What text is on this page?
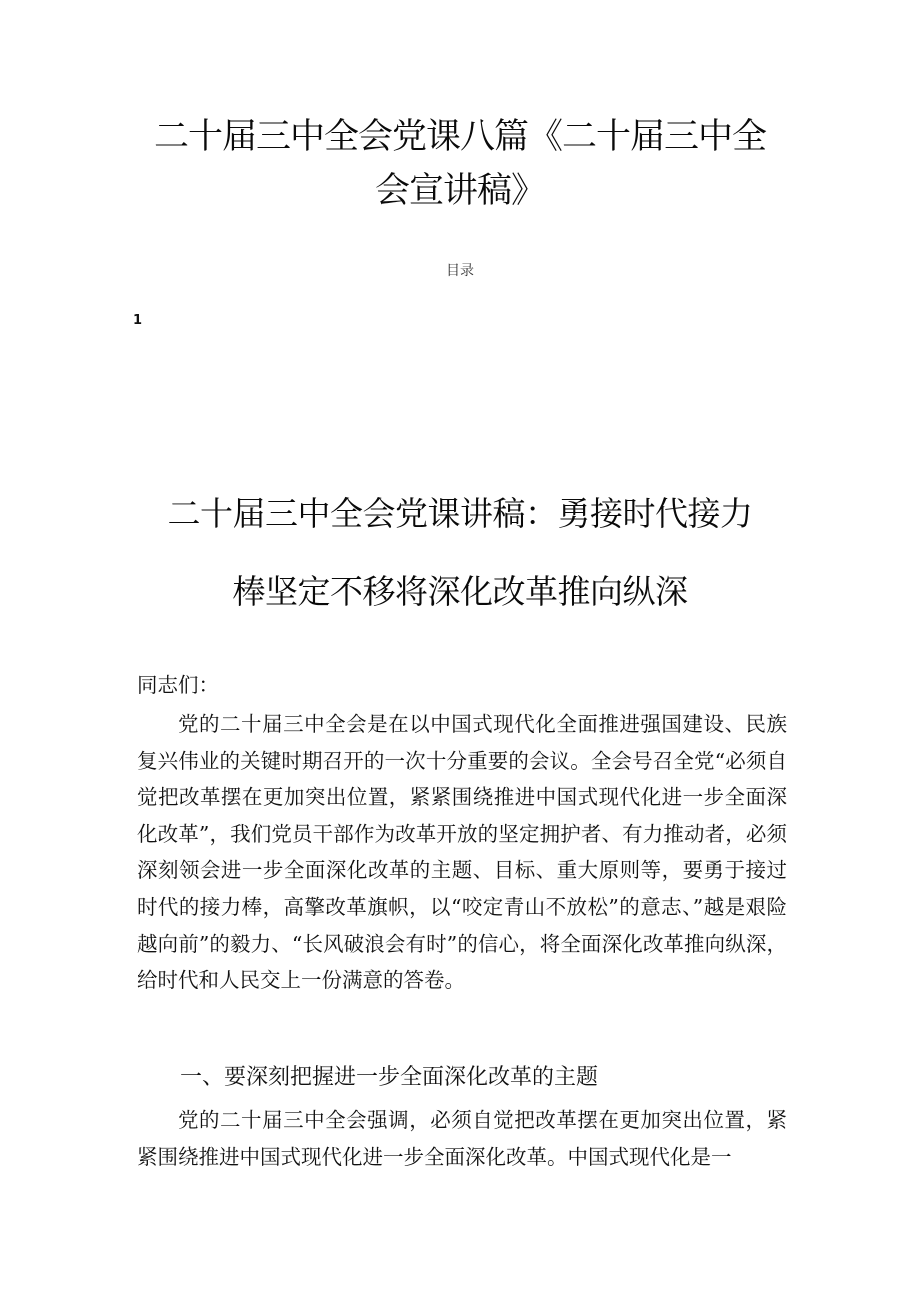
二十届三中全会党课八篇《二十届三中全
会宣讲稿》
目录
1
二十届三中全会党课讲稿：勇接时代接力
棒坚定不移将深化改革推向纵深
同志们：

党的二十届三中全会是在以中国式现代化全面推进强国建设、民族复兴伟业的关键时期召开的一次十分重要的会议。全会号召全党“必须自觉把改革摆在更加突出位置，紧紧围绕推进中国式现代化进一步全面深化改革”，我们党员干部作为改革开放的坚定拥护者、有力推动者，必须深刻领会进一步全面深化改革的主题、目标、重大原则等，要勇于接过时代的接力棒，高擎改革旗帜，以“咬定青山不放松”的意志、”越是艰险越向前”的毅力、“长风破浪会有时”的信心，将全面深化改革推向纵深，给时代和人民交上一份满意的答卷。

一、要深刻把握进一步全面深化改革的主题

党的二十届三中全会强调，必须自觉把改革摆在更加突出位置，紧紧围绕推进中国式现代化进一步全面深化改革。中国式现代化是一
